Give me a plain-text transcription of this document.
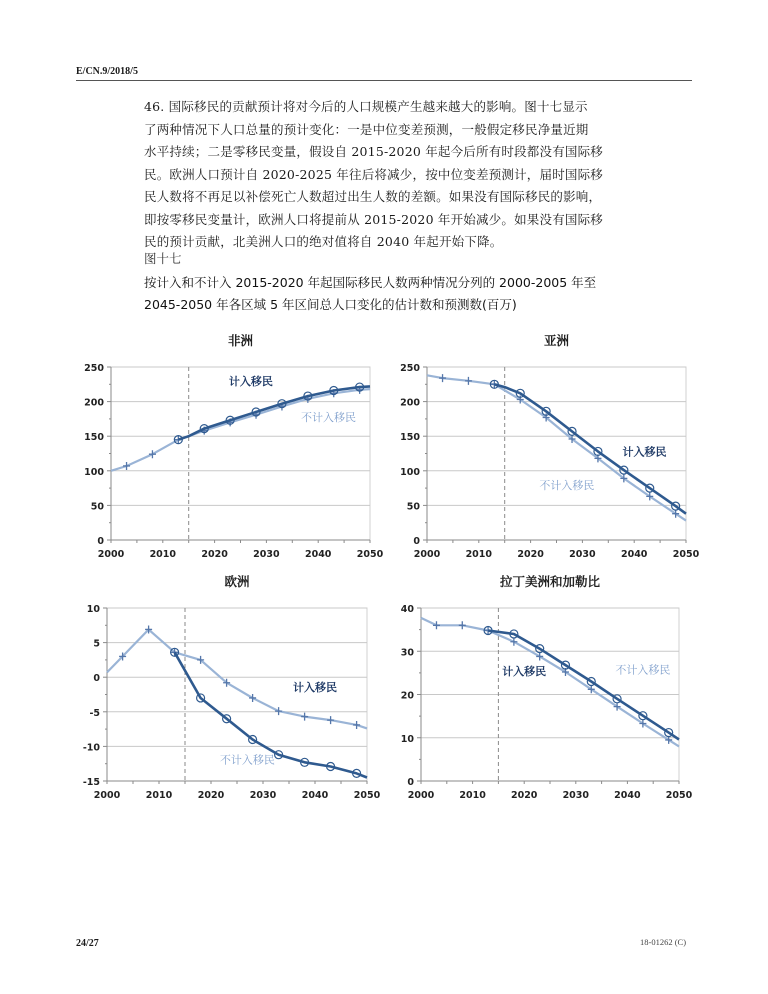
E/CN.9/2018/5

46. 国际移民的贡献预计将对今后的人口规模产生越来越大的影响。图十七显示

了两种情况下人口总量的预计变化：一是中位变差预测，一般假定移民净量近期

水平持续；二是零移民变量，假设自 2015-2020 年起今后所有时段都没有国际移

民。欧洲人口预计自 2020-2025 年往后将减少，按中位变差预测计，届时国际移

民人数将不再足以补偿死亡人数超过出生人数的差额。如果没有国际移民的影响，

即按零移民变量计，欧洲人口将提前从 2015-2020 年开始减少。如果没有国际移

民的预计贡献，北美洲人口的绝对值将自 2040 年起开始下降。

图十七
按计入和不计入 2015-2020 年起国际移民人数两种情况分列的 2000-2005 年至
2045-2050 年各区域 5 年区间总人口变化的估计数和预测数(百万)
非洲
0
50
100
150
200
250
2000	2010	2020	2030	2040	2050
计入移民
不计入移民
亚洲
0
50
100
150
200
250
2000	2010	2020	2030	2040	2050
计入移民
不计入移民
欧洲
-15
-10
-5
0
5
10
2000	2010	2020	2030	2040	2050
计入移民
不计入移民
拉丁美洲和加勒比
0
10
20
30
40
2000	2010	2020	2030	2040	2050
计入移民	不计入移民
24/27	18-01262 (C)
